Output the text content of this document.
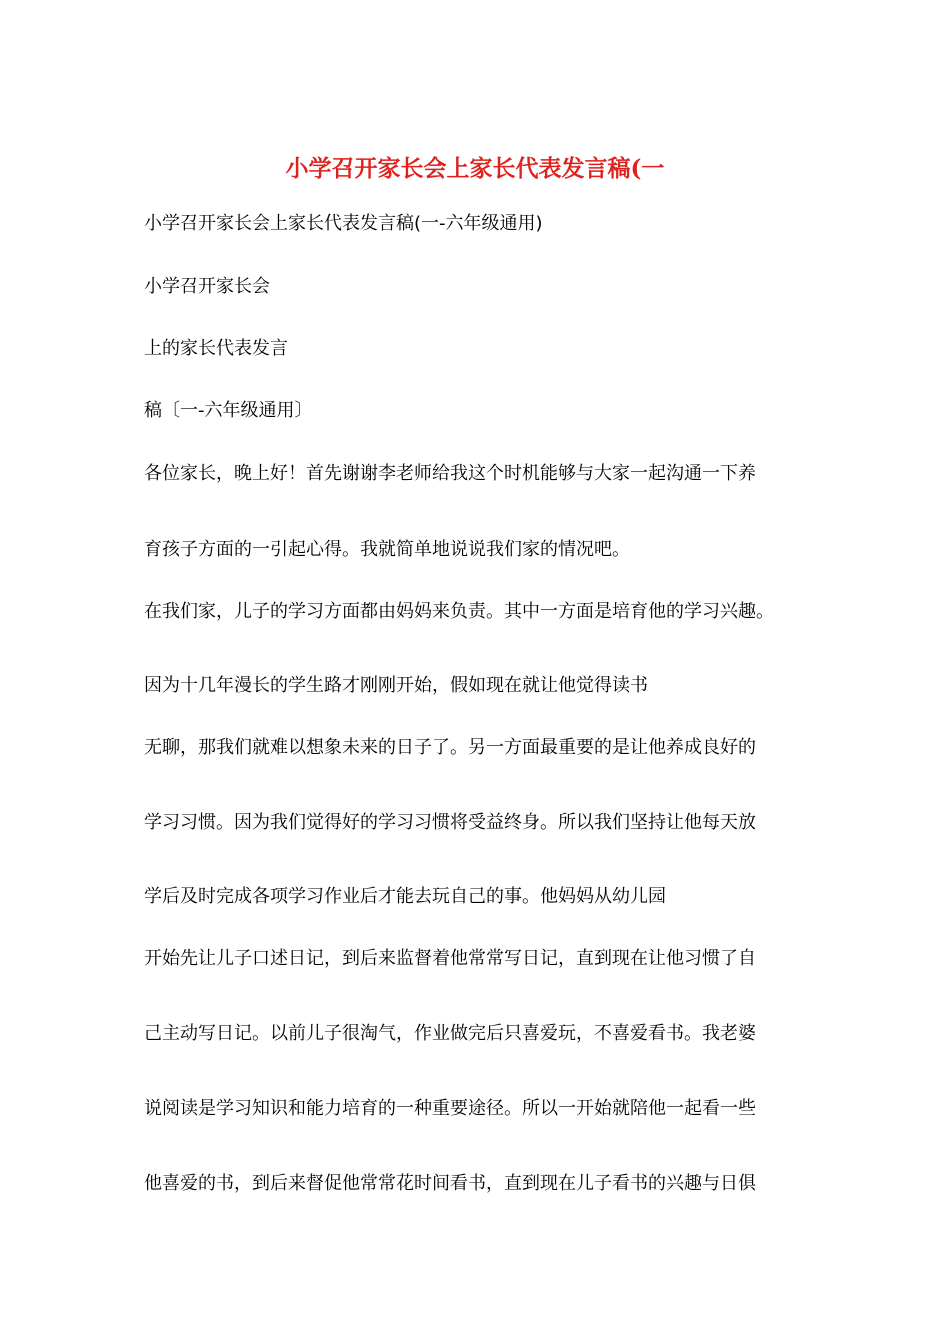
小学召开家长会上家长代表发言稿(一
小学召开家长会上家长代表发言稿(一-六年级通用)
小学召开家长会
上的家长代表发言
稿〔一-六年级通用〕
各位家长，晚上好！首先谢谢李老师给我这个时机能够与大家一起沟通一下养
育孩子方面的一引起心得。我就简单地说说我们家的情况吧。
在我们家，儿子的学习方面都由妈妈来负责。其中一方面是培育他的学习兴趣。
因为十几年漫长的学生路才刚刚开始，假如现在就让他觉得读书
无聊，那我们就难以想象未来的日子了。另一方面最重要的是让他养成良好的
学习习惯。因为我们觉得好的学习习惯将受益终身。所以我们坚持让他每天放
学后及时完成各项学习作业后才能去玩自己的事。他妈妈从幼儿园
开始先让儿子口述日记，到后来监督着他常常写日记，直到现在让他习惯了自
己主动写日记。以前儿子很淘气，作业做完后只喜爱玩，不喜爱看书。我老婆
说阅读是学习知识和能力培育的一种重要途径。所以一开始就陪他一起看一些
他喜爱的书，到后来督促他常常花时间看书，直到现在儿子看书的兴趣与日俱
